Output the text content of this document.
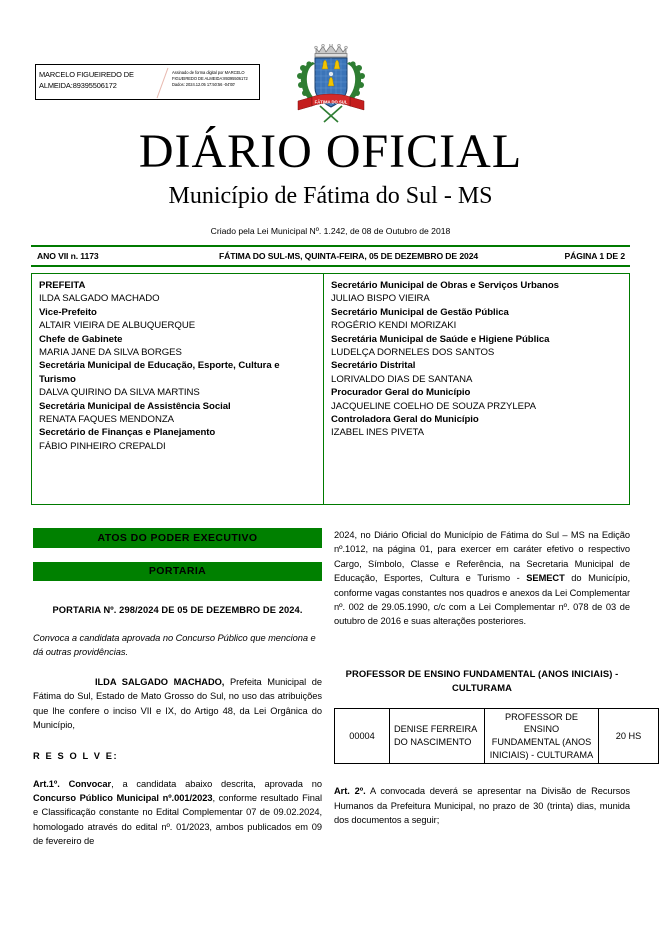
MARCELO FIGUEIREDO DE
ALMEIDA:89395506172
Assinado de forma digital por MARCELO FIGUEIREDO DE ALMEIDA:89395506172 Dados: 2024.12.05 17:50:56 -04'00'
FÁTIMA DO SUL
DIÁRIO OFICIAL
Município de Fátima do Sul - MS
Criado pela Lei Municipal Nº. 1.242, de 08 de Outubro de 2018
ANO VII n. 1173	FÁTIMA DO SUL-MS, QUINTA-FEIRA, 05 DE DEZEMBRO DE 2024	PÁGINA 1 DE 2
PREFEITA
ILDA SALGADO MACHADO
Vice-Prefeito
ALTAIR VIEIRA DE ALBUQUERQUE
Chefe de Gabinete
MARIA JANE DA SILVA BORGES
Secretária Municipal de Educação, Esporte, Cultura e Turismo
DALVA QUIRINO DA SILVA MARTINS
Secretária Municipal de Assistência Social
RENATA FAQUES MENDONZA
Secretário de Finanças e Planejamento
FÁBIO PINHEIRO CREPALDI
Secretário Municipal de Obras e Serviços Urbanos
JULIAO BISPO VIEIRA
Secretário Municipal de Gestão Pública
ROGÉRIO KENDI MORIZAKI
Secretária Municipal de Saúde e Higiene Pública
LUDELÇA DORNELES DOS SANTOS
Secretário Distrital
LORIVALDO DIAS DE SANTANA
Procurador Geral do Município
JACQUELINE COELHO DE SOUZA PRZYLEPA
Controladora Geral do Município
IZABEL INES PIVETA
ATOS DO PODER EXECUTIVO
PORTARIA
PORTARIA Nº. 298/2024 DE 05 DE DEZEMBRO DE 2024.
Convoca a candidata aprovada no Concurso Público que menciona e dá outras providências.
ILDA SALGADO MACHADO, Prefeita Municipal de Fátima do Sul, Estado de Mato Grosso do Sul, no uso das atribuições que lhe confere o inciso VII e IX, do Artigo 48, da Lei Orgânica do Município,
R E S O L V E:
Art.1º. Convocar, a candidata abaixo descrita, aprovada no Concurso Público Municipal nº.001/2023, conforme resultado Final e Classificação constante no Edital Complementar 07 de 09.02.2024, homologado através do edital nº. 01/2023, ambos publicados em 09 de fevereiro de
2024, no Diário Oficial do Município de Fátima do Sul – MS na Edição nº.1012, na página 01, para exercer em caráter efetivo o respectivo Cargo, Símbolo, Classe e Referência, na Secretaria Municipal de Educação, Esportes, Cultura e Turismo - SEMECT do Município, conforme vagas constantes nos quadros e anexos da Lei Complementar nº. 002 de 29.05.1990, c/c com a Lei Complementar nº. 078 de 03 de outubro de 2016 e suas alterações posteriores.
PROFESSOR DE ENSINO FUNDAMENTAL (ANOS INICIAIS) - CULTURAMA
00004	DENISE FERREIRA DO NASCIMENTO	PROFESSOR DE ENSINO FUNDAMENTAL (ANOS INICIAIS) - CULTURAMA	20 HS
Art. 2º. A convocada deverá se apresentar na Divisão de Recursos Humanos da Prefeitura Municipal, no prazo de 30 (trinta) dias, munida dos documentos a seguir;
